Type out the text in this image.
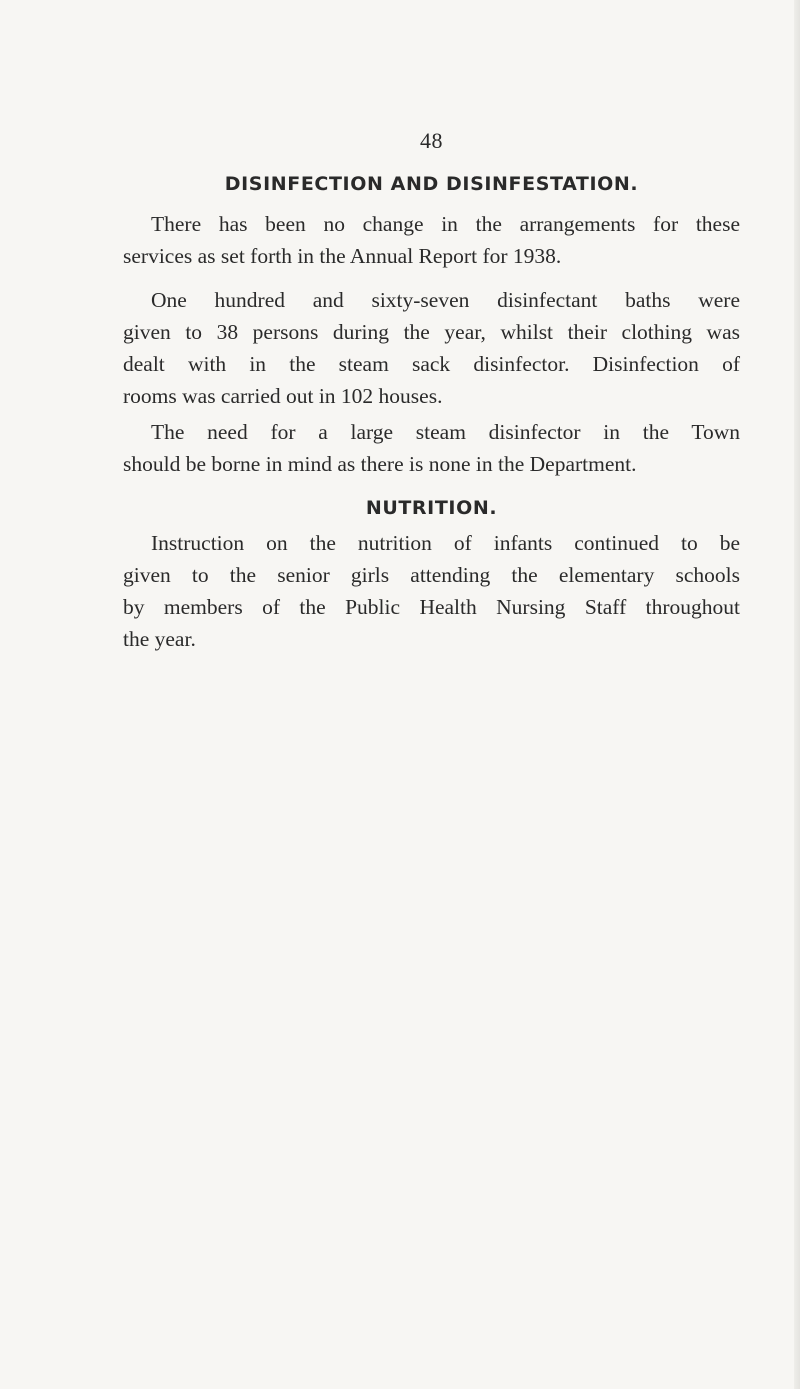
48
DISINFECTION AND DISINFESTATION.

There has been no change in the arrangements for these
services as set forth in the Annual Report for 1938.

One hundred and sixty-seven disinfectant baths were
given to 38 persons during the year, whilst their clothing was
dealt with in the steam sack disinfector. Disinfection of
rooms was carried out in 102 houses.

The need for a large steam disinfector in the Town
should be borne in mind as there is none in the Department.

NUTRITION.

Instruction on the nutrition of infants continued to be
given to the senior girls attending the elementary schools
by members of the Public Health Nursing Staff throughout
the year.
